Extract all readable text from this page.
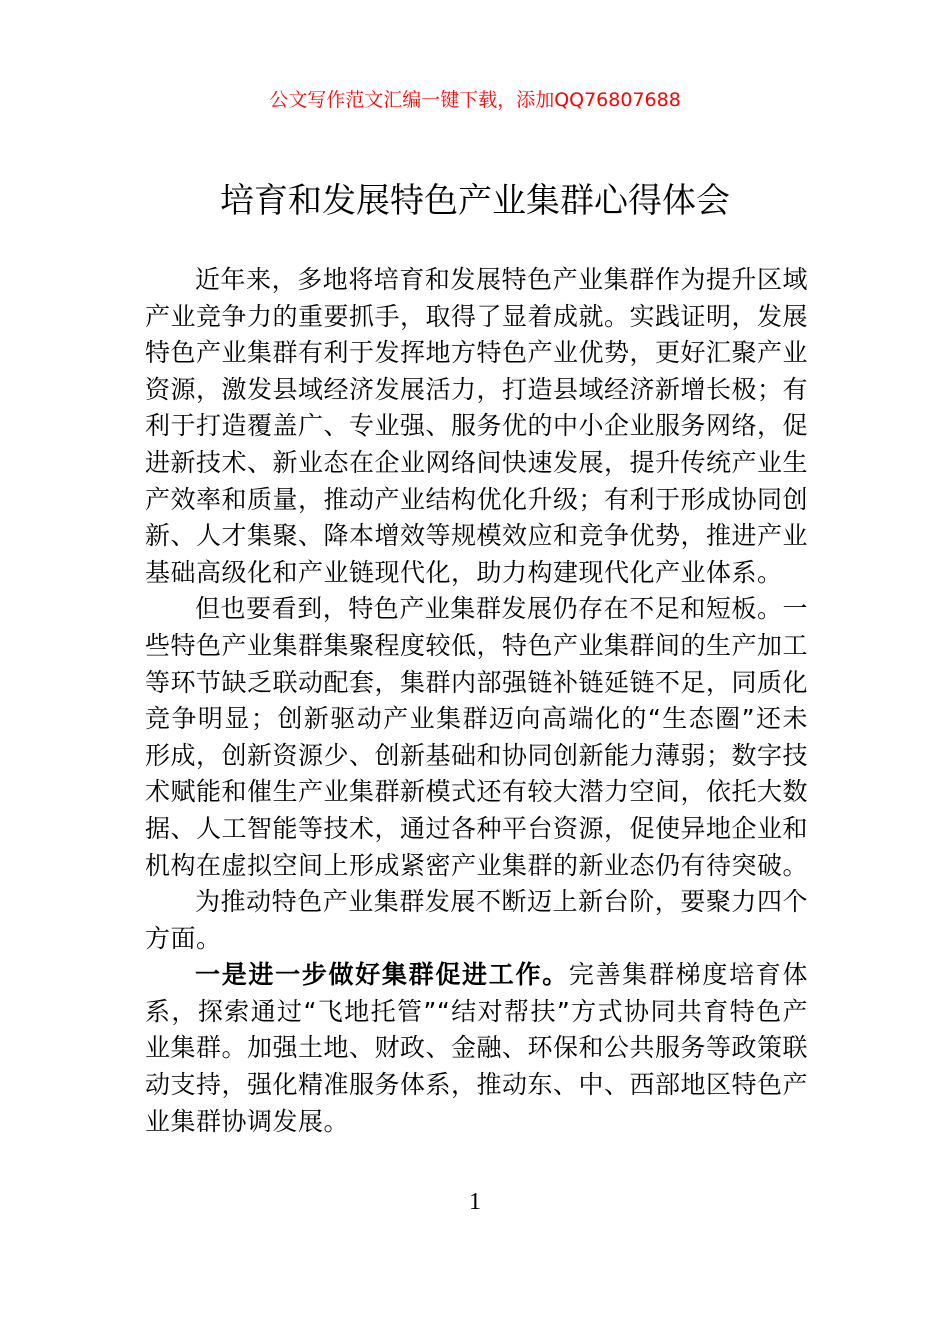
公文写作范文汇编一键下载，添加QQ76807688
培育和发展特色产业集群心得体会

近年来，多地将培育和发展特色产业集群作为提升区域产业竞争力的重要抓手，取得了显着成就。实践证明，发展特色产业集群有利于发挥地方特色产业优势，更好汇聚产业资源，激发县域经济发展活力，打造县域经济新增长极；有利于打造覆盖广、专业强、服务优的中小企业服务网络，促进新技术、新业态在企业网络间快速发展，提升传统产业生产效率和质量，推动产业结构优化升级；有利于形成协同创新、人才集聚、降本增效等规模效应和竞争优势，推进产业基础高级化和产业链现代化，助力构建现代化产业体系。

但也要看到，特色产业集群发展仍存在不足和短板。一些特色产业集群集聚程度较低，特色产业集群间的生产加工等环节缺乏联动配套，集群内部强链补链延链不足，同质化竞争明显；创新驱动产业集群迈向高端化的“生态圈”还未形成，创新资源少、创新基础和协同创新能力薄弱；数字技术赋能和催生产业集群新模式还有较大潜力空间，依托大数据、人工智能等技术，通过各种平台资源，促使异地企业和机构在虚拟空间上形成紧密产业集群的新业态仍有待突破。

为推动特色产业集群发展不断迈上新台阶，要聚力四个方面。

一是进一步做好集群促进工作。完善集群梯度培育体系，探索通过“飞地托管”“结对帮扶”方式协同共育特色产业集群。加强土地、财政、金融、环保和公共服务等政策联动支持，强化精准服务体系，推动东、中、西部地区特色产业集群协调发展。

1
